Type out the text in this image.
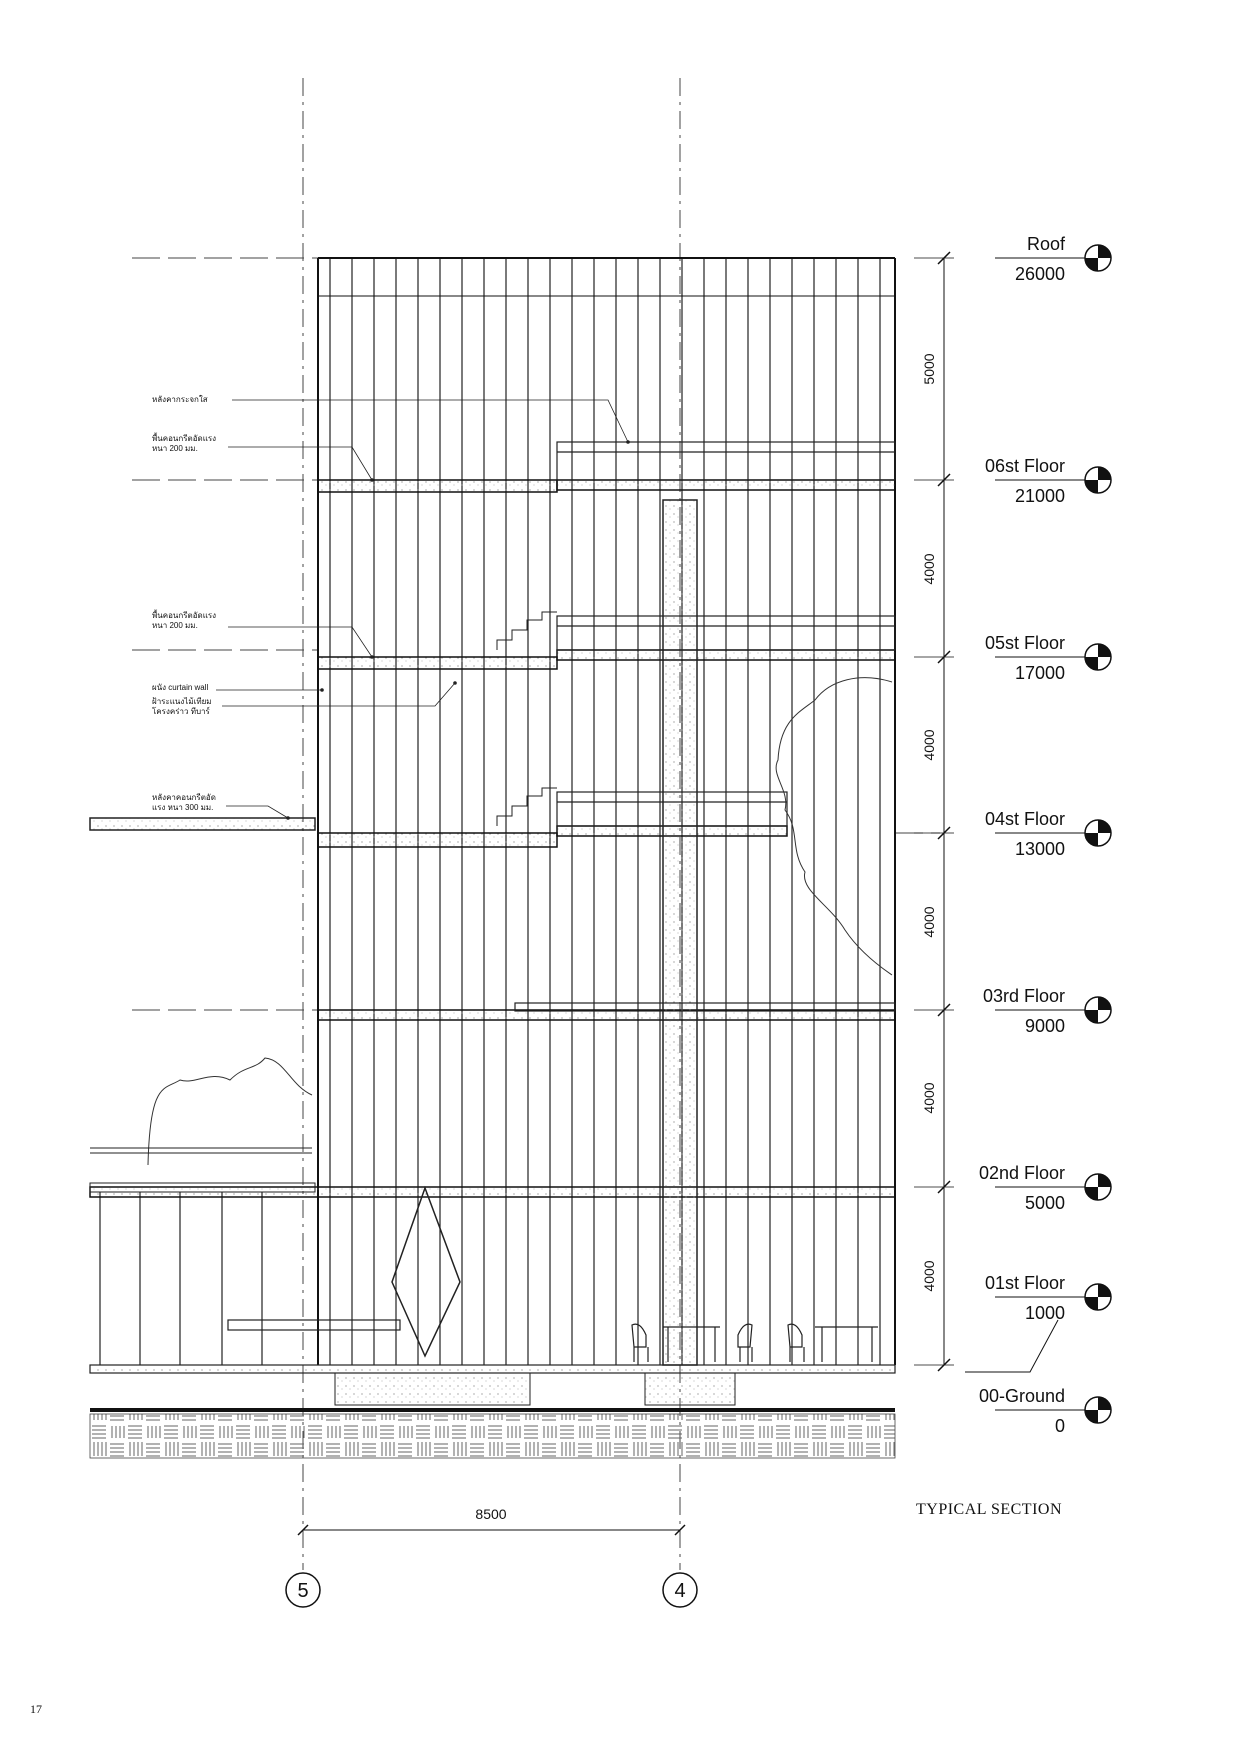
5000
4000
4000
4000
4000
4000
Roof
26000
06st Floor
21000
05st Floor
17000
04st Floor
13000
03rd Floor
9000
02nd Floor
5000
01st Floor
1000
00-Ground
0
หลังคากระจกใส
พื้นคอนกรีตอัดแรง
หนา 200 มม.
พื้นคอนกรีตอัดแรง
หนา 200 มม.
ผนัง curtain wall
ฝ้าระแนงไม้เทียม
โครงคร่าว ทีบาร์
หลังคาคอนกรีตอัด
แรง หนา 300 มม.
8500
5	4
TYPICAL SECTION
17
